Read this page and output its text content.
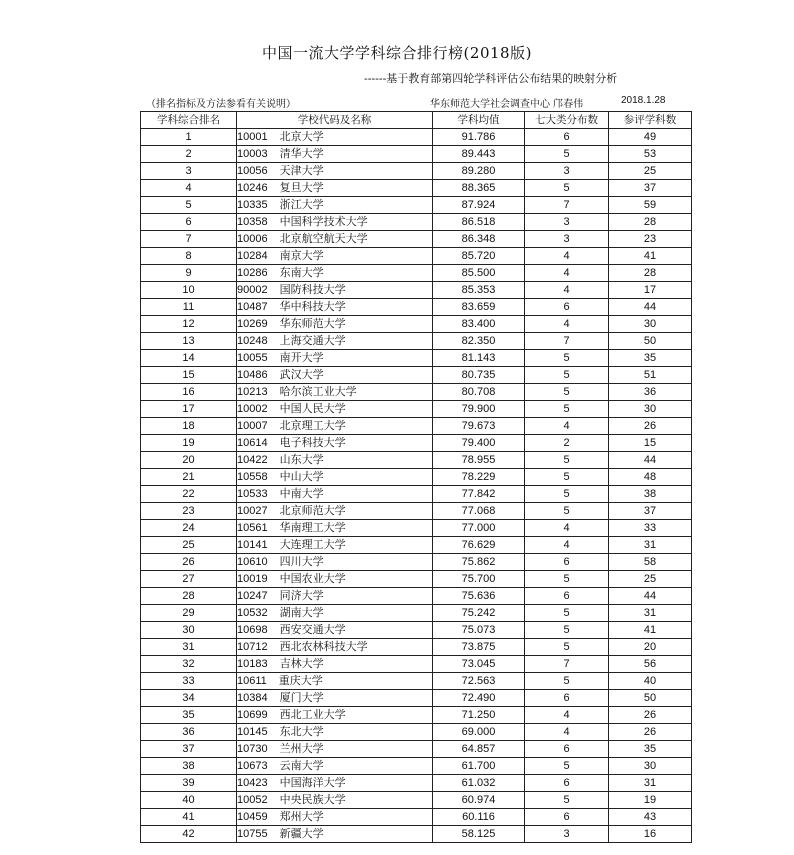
中国一流大学学科综合排行榜(2018版)
------基于教育部第四轮学科评估公布结果的映射分析
（排名指标及方法参看有关说明）	华东师范大学社会调查中心 邝春伟	2018.1.28
学科综合排名	学校代码及名称	学科均值	七大类分布数	参评学科数
1	10001 北京大学	91.786	6	49
2	10003 清华大学	89.443	5	53
3	10056 天津大学	89.280	3	25
4	10246 复旦大学	88.365	5	37
5	10335 浙江大学	87.924	7	59
6	10358 中国科学技术大学	86.518	3	28
7	10006 北京航空航天大学	86.348	3	23
8	10284 南京大学	85.720	4	41
9	10286 东南大学	85.500	4	28
10	90002 国防科技大学	85.353	4	17
11	10487 华中科技大学	83.659	6	44
12	10269 华东师范大学	83.400	4	30
13	10248 上海交通大学	82.350	7	50
14	10055 南开大学	81.143	5	35
15	10486 武汉大学	80.735	5	51
16	10213 哈尔滨工业大学	80.708	5	36
17	10002 中国人民大学	79.900	5	30
18	10007 北京理工大学	79.673	4	26
19	10614 电子科技大学	79.400	2	15
20	10422 山东大学	78.955	5	44
21	10558 中山大学	78.229	5	48
22	10533 中南大学	77.842	5	38
23	10027 北京师范大学	77.068	5	37
24	10561 华南理工大学	77.000	4	33
25	10141 大连理工大学	76.629	4	31
26	10610 四川大学	75.862	6	58
27	10019 中国农业大学	75.700	5	25
28	10247 同济大学	75.636	6	44
29	10532 湖南大学	75.242	5	31
30	10698 西安交通大学	75.073	5	41
31	10712 西北农林科技大学	73.875	5	20
32	10183 吉林大学	73.045	7	56
33	10611 重庆大学	72.563	5	40
34	10384 厦门大学	72.490	6	50
35	10699 西北工业大学	71.250	4	26
36	10145 东北大学	69.000	4	26
37	10730 兰州大学	64.857	6	35
38	10673 云南大学	61.700	5	30
39	10423 中国海洋大学	61.032	6	31
40	10052 中央民族大学	60.974	5	19
41	10459 郑州大学	60.116	6	43
42	10755 新疆大学	58.125	3	16
